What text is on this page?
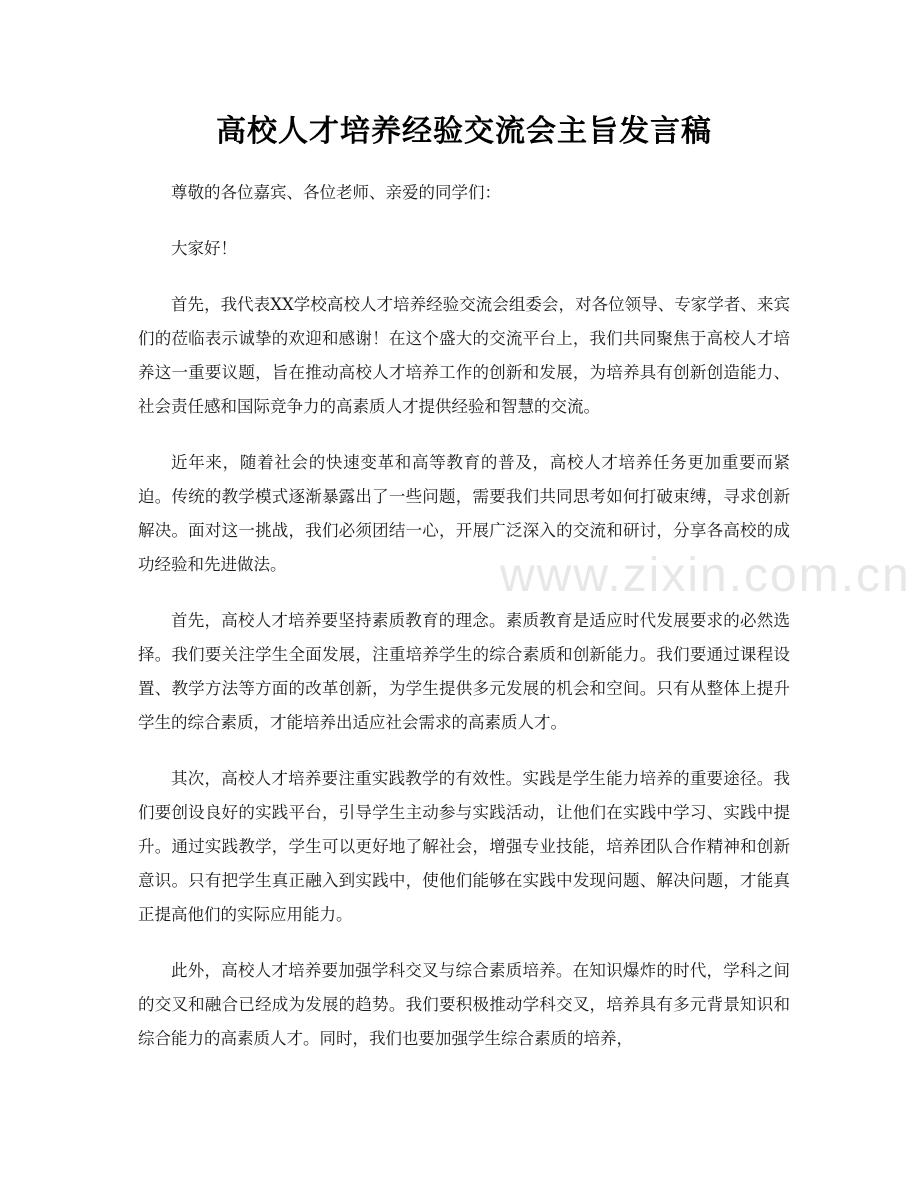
高校人才培养经验交流会主旨发言稿

尊敬的各位嘉宾、各位老师、亲爱的同学们：

大家好！

首先，我代表XX学校高校人才培养经验交流会组委会，对各位领导、专家学者、来宾们的莅临表示诚挚的欢迎和感谢！在这个盛大的交流平台上，我们共同聚焦于高校人才培养这一重要议题，旨在推动高校人才培养工作的创新和发展，为培养具有创新创造能力、社会责任感和国际竞争力的高素质人才提供经验和智慧的交流。

近年来，随着社会的快速变革和高等教育的普及，高校人才培养任务更加重要而紧迫。传统的教学模式逐渐暴露出了一些问题，需要我们共同思考如何打破束缚，寻求创新解决。面对这一挑战，我们必须团结一心，开展广泛深入的交流和研讨，分享各高校的成功经验和先进做法。

首先，高校人才培养要坚持素质教育的理念。素质教育是适应时代发展要求的必然选择。我们要关注学生全面发展，注重培养学生的综合素质和创新能力。我们要通过课程设置、教学方法等方面的改革创新，为学生提供多元发展的机会和空间。只有从整体上提升学生的综合素质，才能培养出适应社会需求的高素质人才。

其次，高校人才培养要注重实践教学的有效性。实践是学生能力培养的重要途径。我们要创设良好的实践平台，引导学生主动参与实践活动，让他们在实践中学习、实践中提升。通过实践教学，学生可以更好地了解社会，增强专业技能，培养团队合作精神和创新意识。只有把学生真正融入到实践中，使他们能够在实践中发现问题、解决问题，才能真正提高他们的实际应用能力。

此外，高校人才培养要加强学科交叉与综合素质培养。在知识爆炸的时代，学科之间的交叉和融合已经成为发展的趋势。我们要积极推动学科交叉，培养具有多元背景知识和综合能力的高素质人才。同时，我们也要加强学生综合素质的培养，

www.zixin.com.cn
